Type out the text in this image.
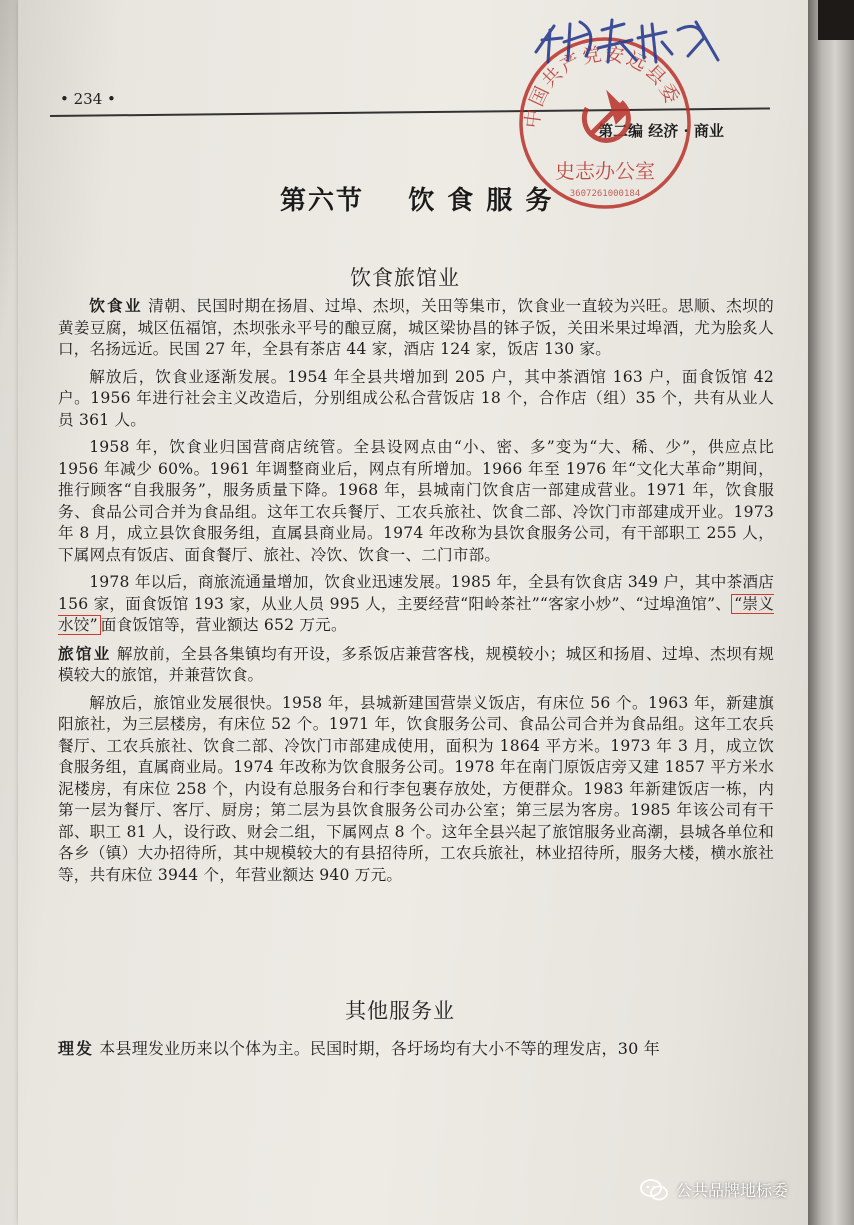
• 234 •
第二编 经济 · 商业
中国共产党安远县委
史志办公室
3607261000184
第六节    饮 食 服 务
饮食旅馆业

饮食业 清朝、民国时期在扬眉、过埠、杰坝，关田等集市，饮食业一直较为兴旺。思顺、杰坝的黄姜豆腐，城区伍福馆，杰坝张永平号的酿豆腐，城区梁协昌的钵子饭，关田米果过埠酒，尤为脍炙人口，名扬远近。民国 27 年，全县有茶店 44 家，酒店 124 家，饭店 130 家。

解放后，饮食业逐渐发展。1954 年全县共增加到 205 户，其中茶酒馆 163 户，面食饭馆 42 户。1956 年进行社会主义改造后，分别组成公私合营饭店 18 个，合作店（组）35 个，共有从业人员 361 人。

1958 年，饮食业归国营商店统管。全县设网点由“小、密、多”变为“大、稀、少”，供应点比 1956 年减少 60%。1961 年调整商业后，网点有所增加。1966 年至 1976 年“文化大革命”期间，推行顾客“自我服务”，服务质量下降。1968 年，县城南门饮食店一部建成营业。1971 年，饮食服务、食品公司合并为食品组。这年工农兵餐厅、工农兵旅社、饮食二部、冷饮门市部建成开业。1973 年 8 月，成立县饮食服务组，直属县商业局。1974 年改称为县饮食服务公司，有干部职工 255 人，下属网点有饭店、面食餐厅、旅社、冷饮、饮食一、二门市部。

1978 年以后，商旅流通量增加，饮食业迅速发展。1985 年，全县有饮食店 349 户，其中茶酒店 156 家，面食饭馆 193 家，从业人员 995 人，主要经营“阳岭茶社”“客家小炒”、“过埠渔馆”、 “崇义水饺” 面食饭馆等，营业额达 652 万元。

旅馆业 解放前，全县各集镇均有开设，多系饭店兼营客栈，规模较小；城区和扬眉、过埠、杰坝有规模较大的旅馆，并兼营饮食。

解放后，旅馆业发展很快。1958 年，县城新建国营崇义饭店，有床位 56 个。1963 年，新建旗阳旅社，为三层楼房，有床位 52 个。1971 年，饮食服务公司、食品公司合并为食品组。这年工农兵餐厅、工农兵旅社、饮食二部、冷饮门市部建成使用，面积为 1864 平方米。1973 年 3 月，成立饮食服务组，直属商业局。1974 年改称为饮食服务公司。1978 年在南门原饭店旁又建 1857 平方米水泥楼房，有床位 258 个，内设有总服务台和行李包裹存放处，方便群众。1983 年新建饭店一栋，内第一层为餐厅、客厅、厨房；第二层为县饮食服务公司办公室；第三层为客房。1985 年该公司有干部、职工 81 人，设行政、财会二组，下属网点 8 个。这年全县兴起了旅馆服务业高潮，县城各单位和各乡（镇）大办招待所，其中规模较大的有县招待所，工农兵旅社，林业招待所，服务大楼，横水旅社等，共有床位 3944 个，年营业额达 940 万元。

其他服务业

理发 本县理发业历来以个体为主。民国时期，各圩场均有大小不等的理发店，30 年

公共品牌地标委
